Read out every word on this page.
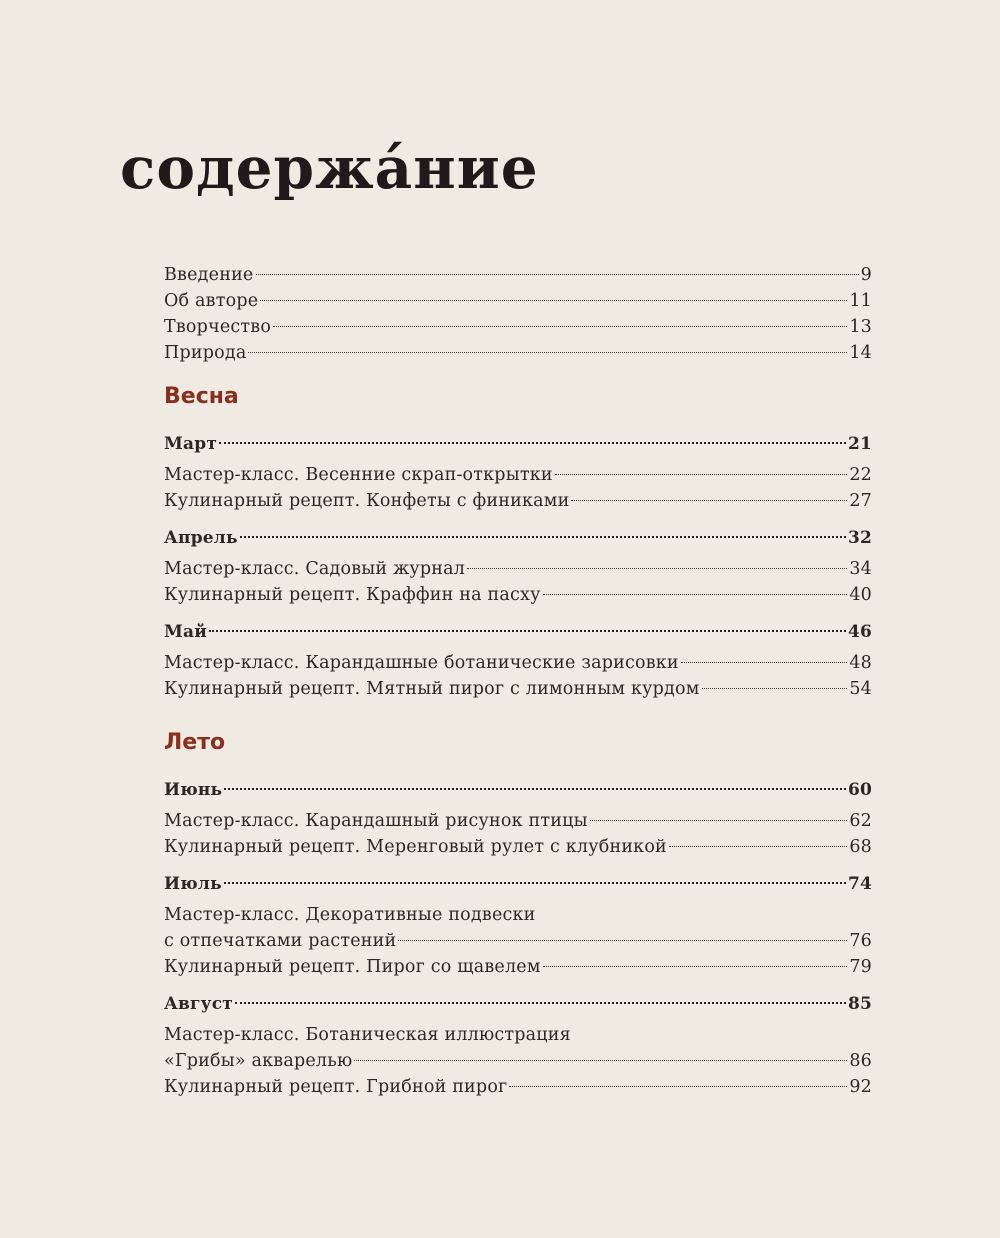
содержáние
Введение	9
Об авторе	11
Творчество	13
Природа	14
Весна
Март	21
Мастер-класс. Весенние скрап-открытки	22
Кулинарный рецепт. Конфеты с финиками	27
Апрель	32
Мастер-класс. Садовый журнал	34
Кулинарный рецепт. Краффин на пасху	40
Май	46
Мастер-класс. Карандашные ботанические зарисовки	48
Кулинарный рецепт. Мятный пирог с лимонным курдом	54
Лето
Июнь	60
Мастер-класс. Карандашный рисунок птицы	62
Кулинарный рецепт. Меренговый рулет с клубникой	68
Июль	74
Мастер-класс. Декоративные подвески
с отпечатками растений	76
Кулинарный рецепт. Пирог со щавелем	79
Август	85
Мастер-класс. Ботаническая иллюстрация
«Грибы» акварелью	86
Кулинарный рецепт. Грибной пирог	92
